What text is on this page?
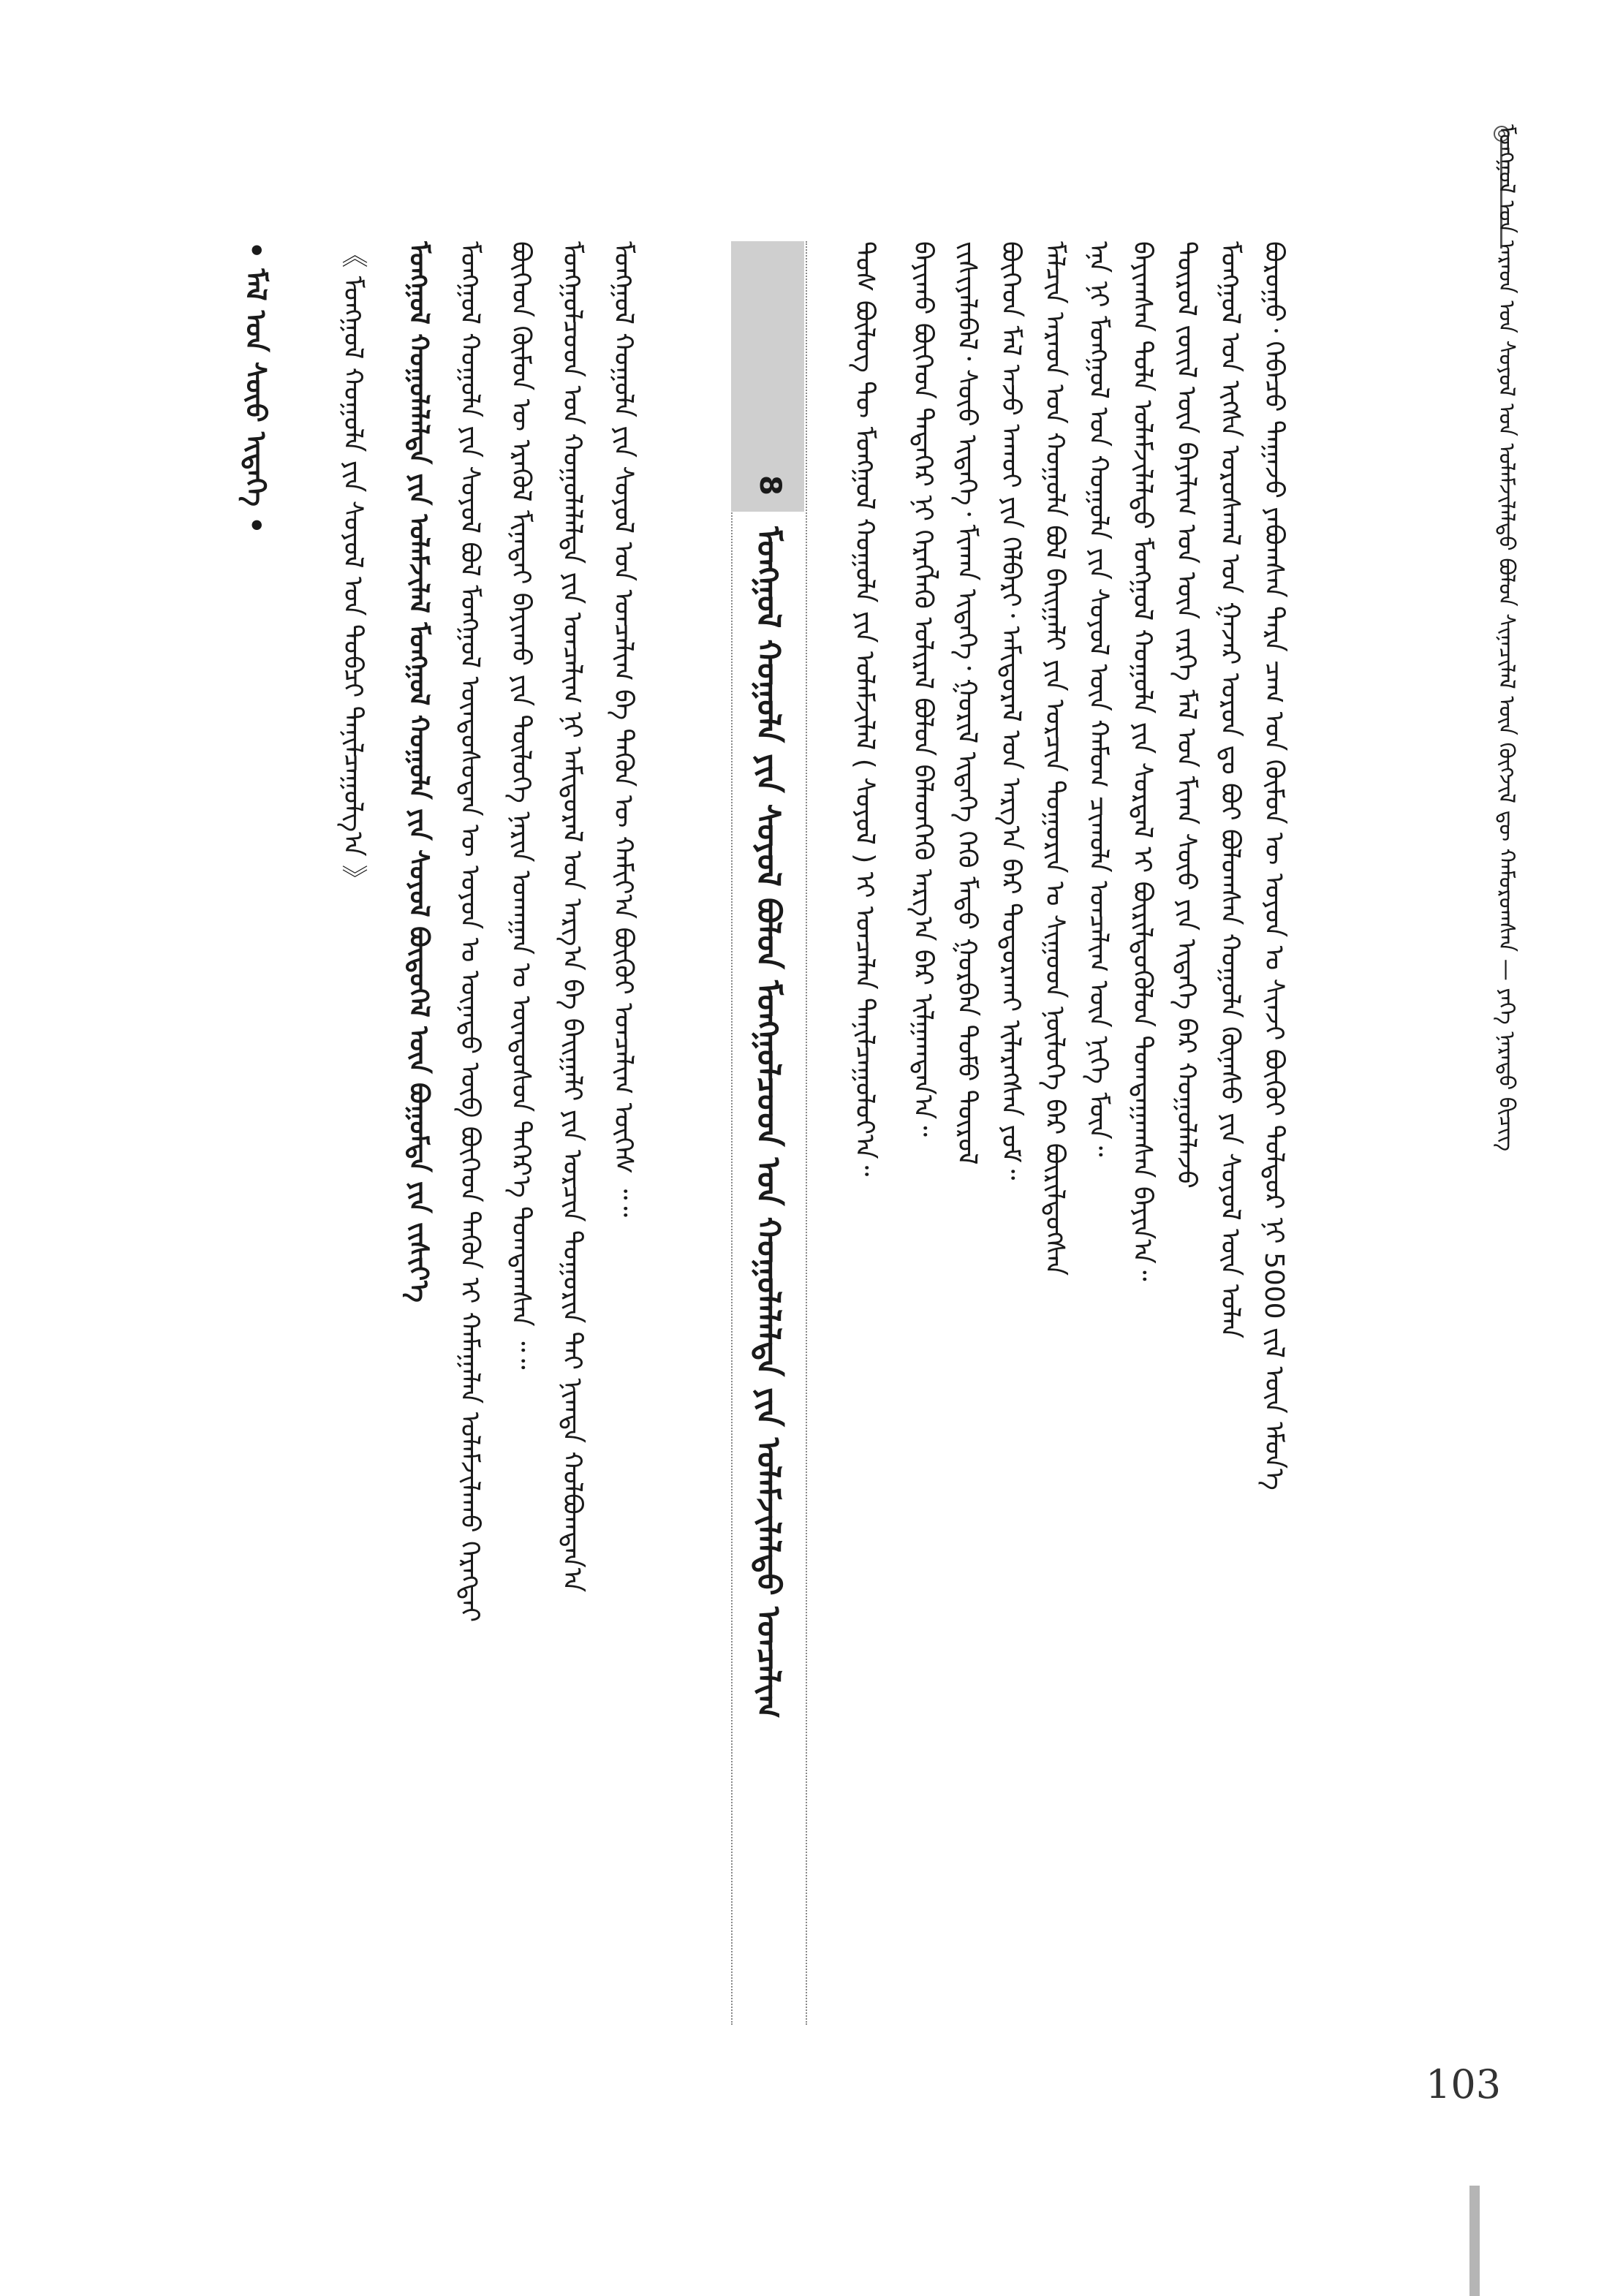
ᠮᠣᠩᠭᠣᠯ ᠤᠨ ᠠᠷᠠᠳ ᠤᠨ ᠰᠣᠶᠤᠯ ᠤᠨ ᠤᠯᠠᠮᠵᠢᠯᠠᠯᠲᠤ ᠪᠤᠯᠤᠨ ᠰᠢᠨᠡᠴᠢᠯᠡᠯ ᠦᠨ ᠬᠥᠭᠵᠢᠯ ᠳᠦ ᠬᠠᠮᠤᠷᠤᠭᠰᠠᠨ — ᠶᠡᠬᠡ ᠨᠡᠷᠡᠲᠦ ᠪᠢᠴᠢᠭ
ᠪᠣᠷᠣᠭᠤ᠂ ᠭᠡᠪᠡᠴᠦ ᠳᠠᠭᠠᠵᠤ ᠶᠠᠪᠤᠭᠰᠠᠨ ᠲᠡᠷᠡ ᠴᠠᠭ ᠤᠨ ᠬᠦᠮᠦᠨ ᠦ ᠣᠶᠤᠨ ᠤ ᠰᠢᠨᠵᠢ ᠪᠦᠬᠦᠢ ᠳᠤᠯᠳᠤᠷ ᠨᠢ 5000 ᠵᠢᠯ ᠦᠨ ᠡᠮᠦᠨ᠎ᠡ
ᠮᠣᠩᠭᠣᠯ ᠤᠨ ᠢᠭᠰᠡ ᠤᠷᠤᠰᠬᠠᠯ ᠤᠨ ᠭᠠᠵᠠᠷ ᠤᠷᠤᠨ ᠳᠤ ᠪᠣᠢ ᠪᠣᠯᠤᠭᠰᠠᠨ ᠬᠣᠭᠣᠯᠠ ᠬᠦᠨᠡᠰᠦ ᠶᠢᠨ ᠰᠣᠶᠤᠯ ᠦᠨ ᠣᠯᠠᠨ
ᠲᠥᠷᠥᠯ ᠵᠦᠢᠯ ᠦᠨ ᠪᠠᠶᠠᠯᠢᠭ ᠡᠳ ᠦᠨ ᠵᠡᠷᠭᠡ ᠮᠠᠯ ᠤᠨ ᠮᠢᠬᠠ ᠰᠦᠦ ᠶᠢᠨ ᠢᠳᠡᠭᠡ ᠪᠡᠷ ᠬᠣᠭᠣᠯᠠᠯᠠᠵᠤ
ᠪᠠᠶᠢᠭᠰᠠᠨ ᠲᠤᠯᠠ ᠤᠯᠠᠮᠵᠢᠯᠠᠯᠲᠤ ᠮᠣᠩᠭᠣᠯ ᠬᠣᠭᠣᠯᠠ ᠶᠢᠨ ᠰᠤᠷᠲᠠᠯ ᠢ ᠪᠦᠷᠢᠯᠳᠦᠭᠦᠯᠦᠨ ᠲᠣᠭᠲᠠᠭᠠᠭᠰᠠᠨ ᠪᠠᠶᠢᠨ᠎ᠠ᠃
ᠡᠨᠡ ᠨᠢ ᠮᠣᠩᠭᠣᠯ ᠤᠨ ᠬᠣᠭᠣᠯᠠ ᠶᠢᠨ ᠰᠣᠶᠤᠯ ᠦᠨ ᠬᠠᠮᠤᠭ ᠴᠢᠬᠤᠯᠠ ᠣᠨᠴᠠᠯᠢᠭ ᠦᠨ ᠨᠢᠭᠡ ᠮᠥᠨ᠃
ᠮᠠᠯᠴᠢᠨ ᠠᠷᠠᠳ ᠤᠨ ᠬᠣᠭᠣᠯᠠ ᠪᠣᠯ ᠪᠠᠢᠭᠠᠯᠢ ᠶᠢᠨ ᠣᠷᠴᠢᠨ ᠲᠣᠭᠣᠷᠢᠨ ᠤ ᠰᠢᠭᠤᠳ ᠨᠥᠯᠦᠭᠡ ᠪᠡᠷ ᠪᠦᠷᠢᠯᠳᠦᠭᠰᠡᠨ
ᠪᠥᠭᠡᠳ ᠮᠠᠯ ᠠᠵᠤ ᠠᠬᠤᠢ ᠶᠢᠨ ᠬᠡᠯᠪᠡᠷᠢ᠂ ᠠᠮᠢᠳᠤᠷᠠᠯ ᠤᠨ ᠠᠷᠭ᠎ᠠ ᠪᠠᠷ ᠲᠣᠳᠣᠷᠬᠠᠢ ᠢᠯᠡᠷᠡᠭᠰᠡᠨ ᠶᠤᠮ᠃
ᠵᠢᠱᠢᠶᠡᠯᠡᠪᠡᠯ᠂ ᠰᠦᠦ ᠢᠳᠡᠭᠡ᠂ ᠮᠢᠬᠠᠨ ᠢᠳᠡᠭᠡ᠂ ᠭᠤᠷᠢᠯ ᠢᠳᠡᠭᠡ ᠭᠡᠬᠦ ᠮᠡᠲᠦ ᠭᠤᠷᠪᠠᠨ ᠲᠣᠮᠣ ᠲᠥᠷᠥᠯ
ᠪᠠᠶᠢᠬᠤ ᠪᠥᠭᠡᠳ ᠲᠡᠳᠡᠭᠡᠷ ᠨᠢ ᠬᠡᠷᠡᠭᠯᠡᠬᠦ ᠤᠯᠢᠷᠠᠯ ᠪᠣᠯᠤᠨ ᠪᠡᠯᠡᠳᠭᠡᠬᠦ ᠠᠷᠭ᠎ᠠ ᠪᠠᠷ ᠢᠯᠭᠠᠭᠳᠠᠨ᠎ᠠ᠃
ᠲᠤᠰ ᠪᠦᠯᠦᠭ ᠲᠦ ᠮᠣᠩᠭᠣᠯ ᠬᠣᠭᠣᠯᠠ ᠶᠢᠨ ᠤᠯᠠᠮᠵᠢᠯᠠᠯ ( ᠰᠣᠶᠤᠯ ) ᠢ ᠣᠨᠴᠠᠯᠠᠨ ᠲᠠᠨᠢᠯᠴᠠᠭᠤᠯᠤᠶ᠎ᠠ᠃
8
ᠮᠣᠩᠭᠣᠯ ᠬᠣᠭᠣᠯᠠ ᠶᠢᠨ ᠰᠣᠶᠤᠯ ᠪᠣᠯᠤᠨ ᠮᠣᠩᠭᠣᠯᠴᠤᠳ ᠤᠨ ᠬᠣᠭᠣᠯᠠᠯᠠᠯᠲᠠ ᠶᠢᠨ ᠤᠯᠠᠮᠵᠢᠯᠠᠯᠲᠤ ᠣᠨᠴᠠᠯᠢᠭ
ᠮᠣᠩᠭᠣᠯ ᠬᠣᠭᠣᠯᠠ ᠶᠢᠨ ᠰᠣᠶᠤᠯ ᠤᠨ ᠣᠨᠴᠠᠯᠢᠭ ᠪᠠ ᠲᠡᠭᠦᠨ ᠦ ᠬᠠᠮᠢᠶ᠎ᠠ ᠪᠦᠬᠦᠢ ᠣᠨᠴᠠᠯᠢᠭ ᠦᠭᠡᠰ ᠃᠃
ᠮᠣᠩᠭᠣᠯᠴᠤᠳ ᠤᠨ ᠬᠣᠭᠣᠯᠠᠯᠠᠯᠲᠠ ᠶᠢᠨ ᠣᠨᠴᠠᠯᠢᠭ ᠨᠢ ᠠᠮᠢᠳᠤᠷᠠᠯ ᠤᠨ ᠠᠷᠭ᠎ᠠ ᠪᠠ ᠪᠠᠢᠭᠠᠯᠢ ᠶᠢᠨ ᠣᠷᠴᠢᠨ ᠲᠣᠭᠣᠷᠢᠨ ᠲᠠᠢ ᠨᠢᠭᠲᠠ ᠬᠣᠯᠪᠣᠭᠳᠠᠨ᠎ᠠ
ᠪᠥᠭᠡᠳ ᠬᠦᠮᠦᠨ ᠦ ᠡᠷᠡᠭᠦᠯ ᠮᠢᠨᠠᠲᠠᠢ ᠪᠠᠶᠢᠬᠤ ᠶᠢᠨ ᠲᠥᠯᠦᠭᠡ ᠨᠠᠷᠢᠨ ᠤᠬᠠᠭᠠᠨ ᠤ ᠦᠨᠳᠦᠰᠦᠨ ᠳᠡᠭᠡᠷ᠎ᠡ ᠲᠣᠭᠲᠠᠭᠰᠠᠨ ᠃᠃
ᠮᠣᠩᠭᠣᠯ ᠬᠣᠭᠣᠯᠠ ᠶᠢᠨ ᠰᠣᠶᠤᠯ ᠪᠣᠯ ᠮᠣᠩᠭᠣᠯ ᠦᠨᠳᠦᠰᠦᠲᠡᠨ ᠦ ᠣᠶᠤᠨ ᠤ ᠦᠨᠡᠲᠦ ᠥᠪ ᠪᠥᠭᠡᠳ ᠲᠡᠭᠦᠨ ᠢ ᠬᠠᠮᠠᠭᠠᠯᠠᠨ ᠤᠯᠠᠮᠵᠢᠯᠠᠬᠤ ᠬᠡᠷᠡᠭᠲᠡᠶ
ᠮᠣᠩᠭᠣᠯ ᠬᠣᠭᠣᠯᠠᠯᠠᠯᠲᠠ ᠶᠢᠨ ᠤᠯᠠᠮᠵᠢᠯᠠᠯ ᠮᠣᠩᠭᠣᠯ ᠬᠣᠭᠣᠯᠠ ᠶᠢᠨ ᠰᠣᠶᠤᠯ ᠪᠦᠲᠦᠭᠡᠯ ᠦᠨ ᠪᠣᠭᠣᠮᠲᠠ ᠶᠢᠨ ᠵᠢᠱᠢᠶ᠎ᠡ
《 ᠮᠣᠩᠭᠣᠯ ᠬᠣᠭᠣᠯᠠ ᠶᠢᠨ ᠰᠣᠶᠤᠯ ᠤᠨ ᠲᠣᠪᠴᠢ ᠲᠠᠨᠢᠯᠴᠠᠭᠤᠯᠭ᠎ᠠ 》
• ᠮᠠᠯ ᠤᠨ ᠰᠦᠦ ᠢᠳᠡᠭᠡ •
103
